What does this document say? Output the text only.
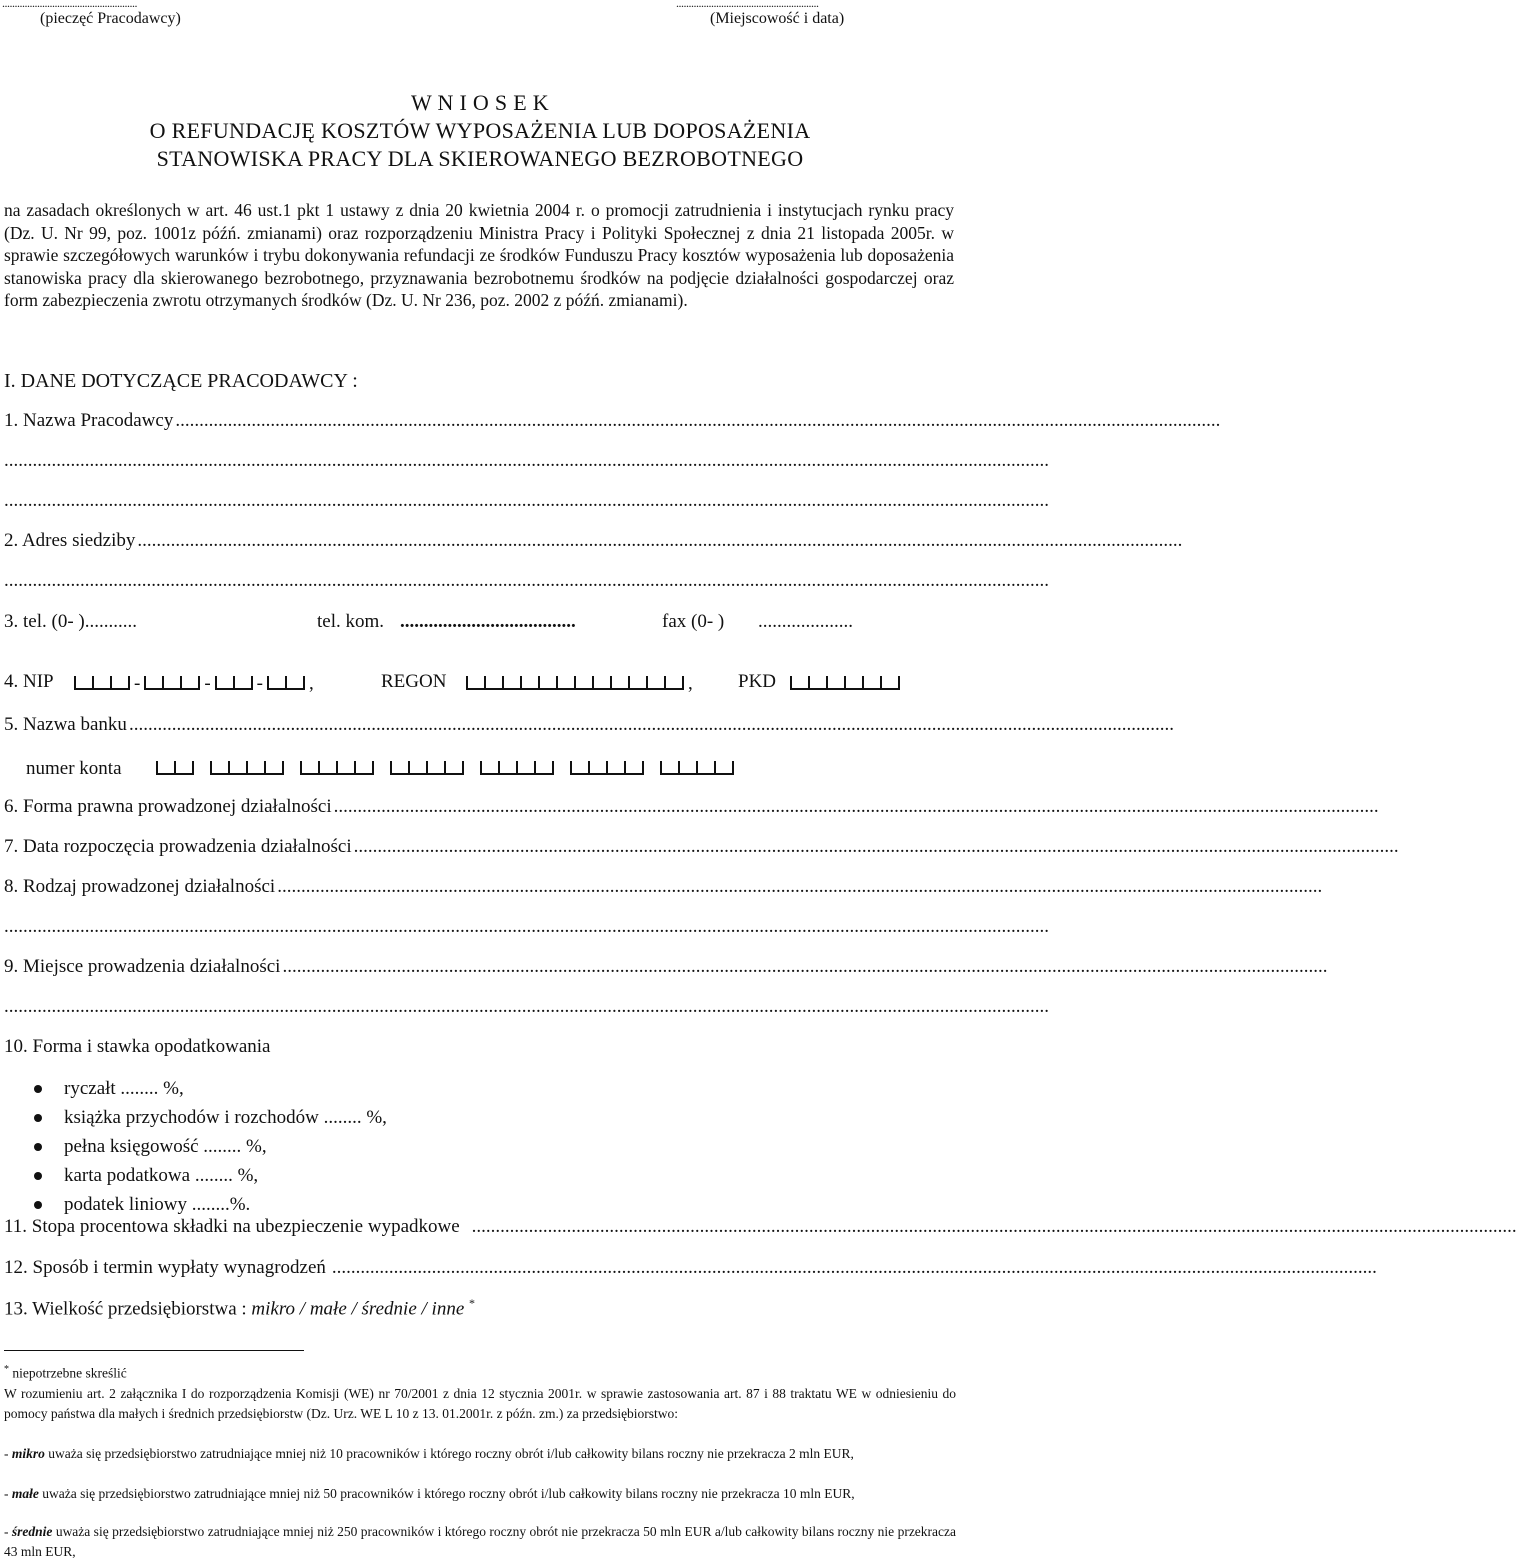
......................................................
(pieczęć Pracodawcy)
.........................................................
(Miejscowość i data)
W N I O S E K
O REFUNDACJĘ KOSZTÓW WYPOSAŻENIA LUB DOPOSAŻENIA
STANOWISKA PRACY DLA SKIEROWANEGO BEZROBOTNEGO
na zasadach określonych w art. 46 ust.1 pkt 1 ustawy z dnia 20 kwietnia 2004 r. o promocji zatrudnienia i instytucjach rynku pracy (Dz. U. Nr 99, poz. 1001z późń. zmianami) oraz rozporządzeniu Ministra Pracy i Polityki Społecznej z dnia 21 listopada 2005r. w sprawie szczegółowych warunków i trybu dokonywania refundacji ze środków Funduszu Pracy kosztów wyposażenia lub doposażenia stanowiska pracy dla skierowanego bezrobotnego, przyznawania bezrobotnemu środków na podjęcie działalności gospodarczej oraz form zabezpieczenia zwrotu otrzymanych środków (Dz. U. Nr 236, poz. 2002 z późń. zmianami).
I. DANE DOTYCZĄCE PRACODAWCY :
1. Nazwa Pracodawcy ............................................................................................................................................................................................................................
............................................................................................................................................................................................................................
............................................................................................................................................................................................................................
2. Adres siedziby ............................................................................................................................................................................................................................
............................................................................................................................................................................................................................
3. tel. (0- )...........	tel. kom. .....................................	fax (0- ) ....................
4. NIP	-	- - ,	REGON	, PKD
5. Nazwa banku ............................................................................................................................................................................................................................
numer konta
6. Forma prawna prowadzonej działalności ............................................................................................................................................................................................................................
7. Data rozpoczęcia prowadzenia działalności ............................................................................................................................................................................................................................
8. Rodzaj prowadzonej działalności ............................................................................................................................................................................................................................
............................................................................................................................................................................................................................
9. Miejsce prowadzenia działalności ............................................................................................................................................................................................................................
............................................................................................................................................................................................................................
10. Forma i stawka opodatkowania
ryczałt ........ %,
książka przychodów i rozchodów ........ %,
pełna księgowość ........ %,
karta podatkowa ........ %,
podatek liniowy ........%.
11. Stopa procentowa składki na ubezpieczenie wypadkowe ............................................................................................................................................................................................................................
12. Sposób i termin wypłaty wynagrodzeń ............................................................................................................................................................................................................................
13. Wielkość przedsiębiorstwa : mikro / małe / średnie / inne *
* niepotrzebne skreślić
W rozumieniu art. 2 załącznika I do rozporządzenia Komisji (WE) nr 70/2001 z dnia 12 stycznia 2001r. w sprawie zastosowania art. 87 i 88 traktatu WE w odniesieniu do pomocy państwa dla małych i średnich przedsiębiorstw (Dz. Urz. WE L 10 z 13. 01.2001r. z późn. zm.) za przedsiębiorstwo:
- mikro uważa się przedsiębiorstwo zatrudniające mniej niż 10 pracowników i którego roczny obrót i/lub całkowity bilans roczny nie przekracza 2 mln EUR,
- małe uważa się przedsiębiorstwo zatrudniające mniej niż 50 pracowników i którego roczny obrót i/lub całkowity bilans roczny nie przekracza 10 mln EUR,
- średnie uważa się przedsiębiorstwo zatrudniające mniej niż 250 pracowników i którego roczny obrót nie przekracza 50 mln EUR a/lub całkowity bilans roczny nie przekracza 43 mln EUR,
